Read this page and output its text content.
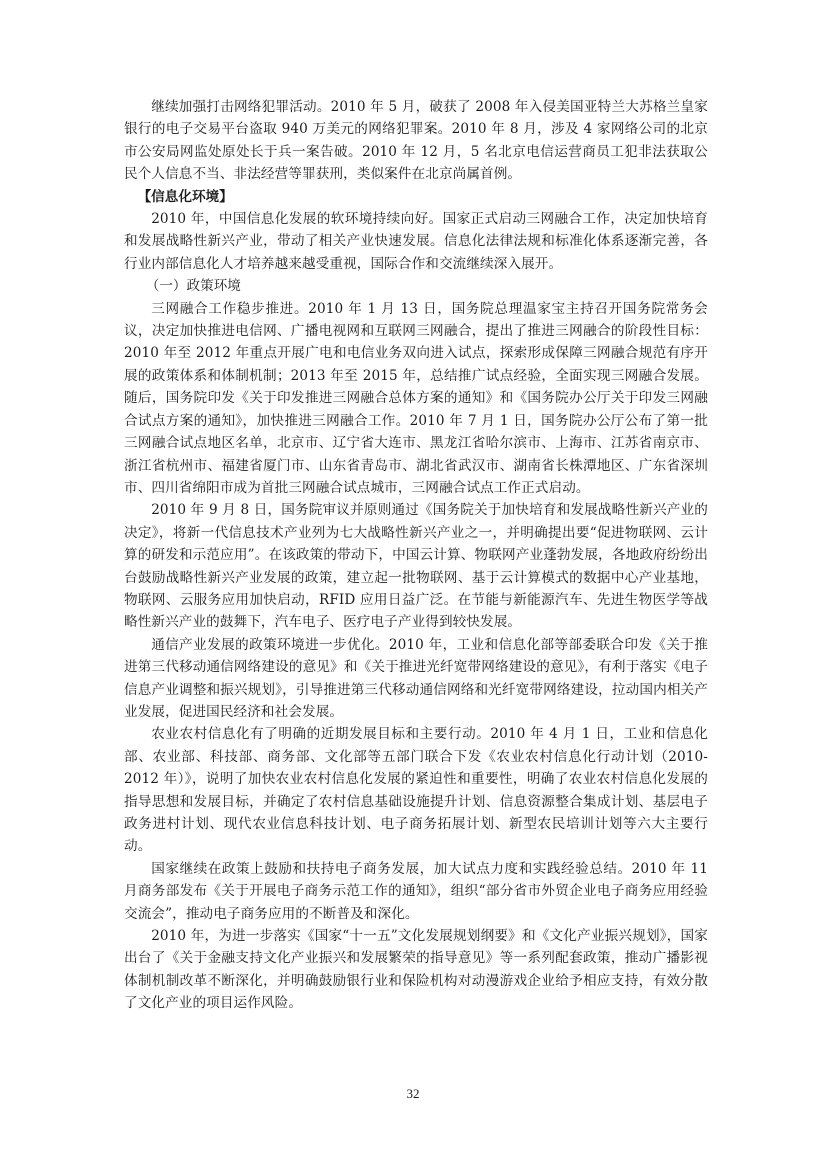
继续加强打击网络犯罪活动。2010 年 5 月，破获了 2008 年入侵美国亚特兰大苏格兰皇家银行的电子交易平台盗取 940 万美元的网络犯罪案。2010 年 8 月，涉及 4 家网络公司的北京市公安局网监处原处长于兵一案告破。2010 年 12 月，5 名北京电信运营商员工犯非法获取公民个人信息不当、非法经营等罪获刑，类似案件在北京尚属首例。

【信息化环境】

2010 年，中国信息化发展的软环境持续向好。国家正式启动三网融合工作，决定加快培育和发展战略性新兴产业，带动了相关产业快速发展。信息化法律法规和标准化体系逐渐完善，各行业内部信息化人才培养越来越受重视，国际合作和交流继续深入展开。

（一）政策环境

三网融合工作稳步推进。2010 年 1 月 13 日，国务院总理温家宝主持召开国务院常务会议，决定加快推进电信网、广播电视网和互联网三网融合，提出了推进三网融合的阶段性目标：2010 年至 2012 年重点开展广电和电信业务双向进入试点，探索形成保障三网融合规范有序开展的政策体系和体制机制；2013 年至 2015 年，总结推广试点经验，全面实现三网融合发展。随后，国务院印发《关于印发推进三网融合总体方案的通知》和《国务院办公厅关于印发三网融合试点方案的通知》，加快推进三网融合工作。2010 年 7 月 1 日，国务院办公厅公布了第一批三网融合试点地区名单，北京市、辽宁省大连市、黑龙江省哈尔滨市、上海市、江苏省南京市、浙江省杭州市、福建省厦门市、山东省青岛市、湖北省武汉市、湖南省长株潭地区、广东省深圳市、四川省绵阳市成为首批三网融合试点城市，三网融合试点工作正式启动。

2010 年 9 月 8 日，国务院审议并原则通过《国务院关于加快培育和发展战略性新兴产业的决定》，将新一代信息技术产业列为七大战略性新兴产业之一，并明确提出要“促进物联网、云计算的研发和示范应用”。在该政策的带动下，中国云计算、物联网产业蓬勃发展，各地政府纷纷出台鼓励战略性新兴产业发展的政策，建立起一批物联网、基于云计算模式的数据中心产业基地，物联网、云服务应用加快启动，RFID 应用日益广泛。在节能与新能源汽车、先进生物医学等战略性新兴产业的鼓舞下，汽车电子、医疗电子产业得到较快发展。

通信产业发展的政策环境进一步优化。2010 年，工业和信息化部等部委联合印发《关于推进第三代移动通信网络建设的意见》和《关于推进光纤宽带网络建设的意见》，有利于落实《电子信息产业调整和振兴规划》，引导推进第三代移动通信网络和光纤宽带网络建设，拉动国内相关产业发展，促进国民经济和社会发展。

农业农村信息化有了明确的近期发展目标和主要行动。2010 年 4 月 1 日，工业和信息化部、农业部、科技部、商务部、文化部等五部门联合下发《农业农村信息化行动计划（2010-2012 年）》，说明了加快农业农村信息化发展的紧迫性和重要性，明确了农业农村信息化发展的指导思想和发展目标，并确定了农村信息基础设施提升计划、信息资源整合集成计划、基层电子政务进村计划、现代农业信息科技计划、电子商务拓展计划、新型农民培训计划等六大主要行动。

国家继续在政策上鼓励和扶持电子商务发展，加大试点力度和实践经验总结。2010 年 11 月商务部发布《关于开展电子商务示范工作的通知》，组织“部分省市外贸企业电子商务应用经验交流会”，推动电子商务应用的不断普及和深化。

2010 年，为进一步落实《国家“十一五”文化发展规划纲要》和《文化产业振兴规划》，国家出台了《关于金融支持文化产业振兴和发展繁荣的指导意见》等一系列配套政策，推动广播影视体制机制改革不断深化，并明确鼓励银行业和保险机构对动漫游戏企业给予相应支持，有效分散了文化产业的项目运作风险。

32
